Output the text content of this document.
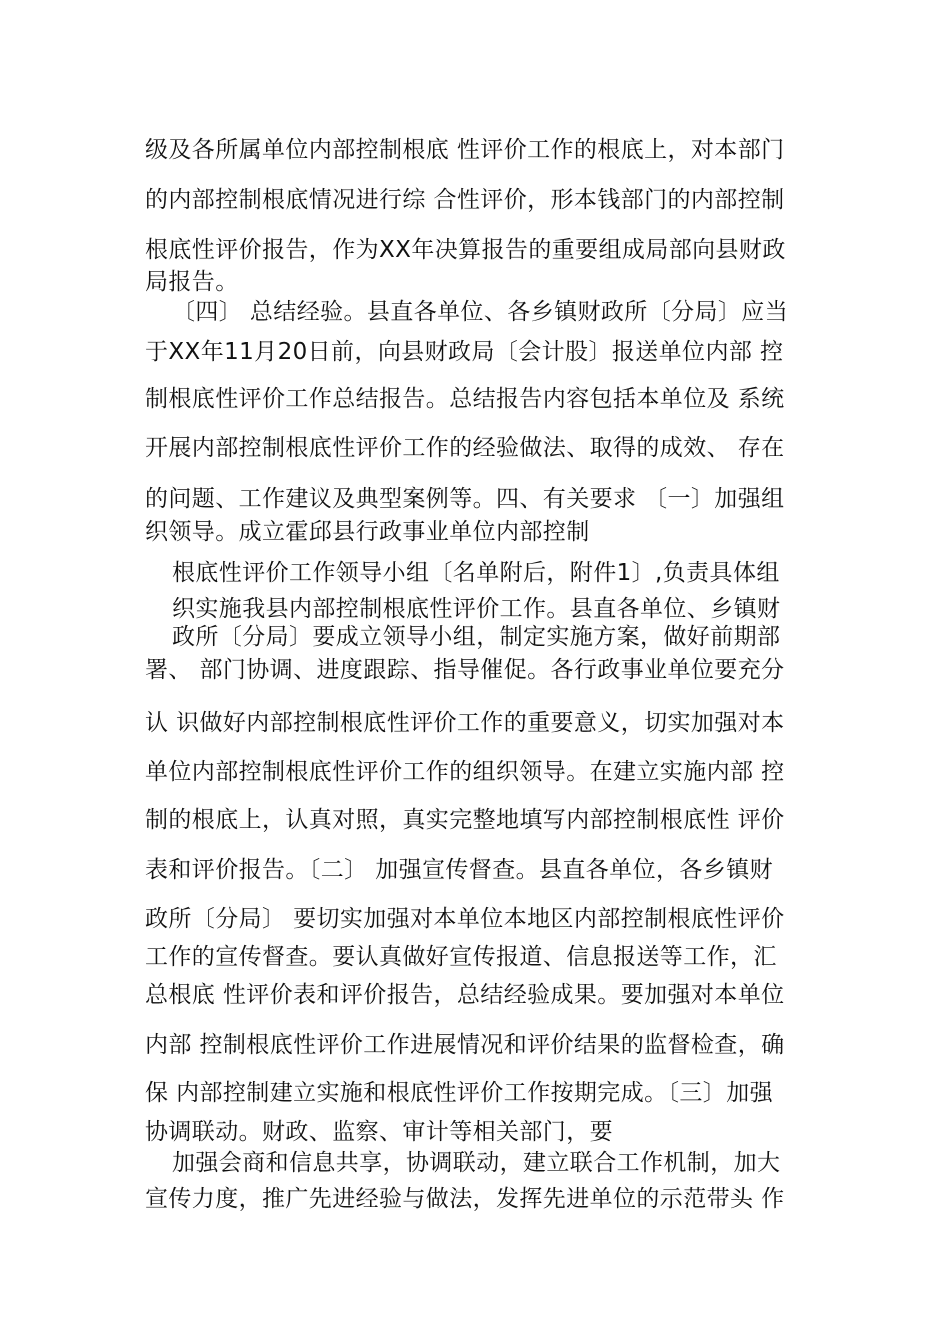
级及各所属单位内部控制根底 性评价工作的根底上，对本部门
的内部控制根底情况进行综 合性评价，形本钱部门的内部控制
根底性评价报告，作为XX年决算报告的重要组成局部向县财政
局报告。
〔四〕 总结经验。县直各单位、各乡镇财政所〔分局〕应当
于XX年11月20日前，向县财政局〔会计股〕报送单位内部 控
制根底性评价工作总结报告。总结报告内容包括本单位及 系统
开展内部控制根底性评价工作的经验做法、取得的成效、 存在
的问题、工作建议及典型案例等。四、有关要求 〔一〕加强组
织领导。成立霍邱县行政事业单位内部控制
根底性评价工作领导小组〔名单附后，附件1〕,负责具体组
织实施我县内部控制根底性评价工作。县直各单位、乡镇财
政所〔分局〕要成立领导小组，制定实施方案，做好前期部
署、 部门协调、进度跟踪、指导催促。各行政事业单位要充分
认 识做好内部控制根底性评价工作的重要意义，切实加强对本
单位内部控制根底性评价工作的组织领导。在建立实施内部 控
制的根底上，认真对照，真实完整地填写内部控制根底性 评价
表和评价报告。〔二〕 加强宣传督查。县直各单位，各乡镇财
政所〔分局〕 要切实加强对本单位本地区内部控制根底性评价
工作的宣传督查。要认真做好宣传报道、信息报送等工作，汇
总根底 性评价表和评价报告，总结经验成果。要加强对本单位
内部 控制根底性评价工作进展情况和评价结果的监督检查，确
保 内部控制建立实施和根底性评价工作按期完成。〔三〕加强
协调联动。财政、监察、审计等相关部门，要
加强会商和信息共享，协调联动，建立联合工作机制，加大
宣传力度，推广先进经验与做法，发挥先进单位的示范带头 作
